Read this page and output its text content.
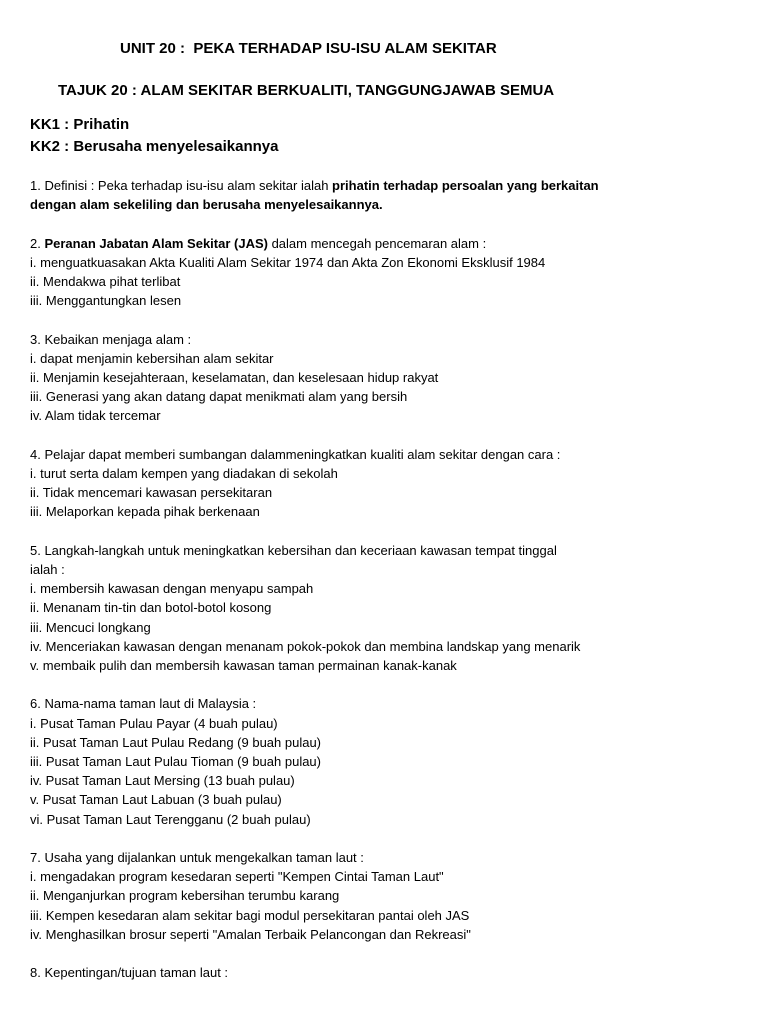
UNIT 20 :  PEKA TERHADAP ISU-ISU ALAM SEKITAR
TAJUK 20 : ALAM SEKITAR BERKUALITI, TANGGUNGJAWAB SEMUA
KK1 : Prihatin
KK2 : Berusaha menyelesaikannya

1. Definisi : Peka terhadap isu-isu alam sekitar ialah prihatin terhadap persoalan yang berkaitan

dengan alam sekeliling dan berusaha menyelesaikannya.

2. Peranan Jabatan Alam Sekitar (JAS) dalam mencegah pencemaran alam :

i. menguatkuasakan Akta Kualiti Alam Sekitar 1974 dan Akta Zon Ekonomi Eksklusif 1984

ii. Mendakwa pihat terlibat

iii. Menggantungkan lesen

3. Kebaikan menjaga alam :

i. dapat menjamin kebersihan alam sekitar

ii. Menjamin kesejahteraan, keselamatan, dan keselesaan hidup rakyat

iii. Generasi yang akan datang dapat menikmati alam yang bersih

iv. Alam tidak tercemar

4. Pelajar dapat memberi sumbangan dalammeningkatkan kualiti alam sekitar dengan cara :

i. turut serta dalam kempen yang diadakan di sekolah

ii. Tidak mencemari kawasan persekitaran

iii. Melaporkan kepada pihak berkenaan

5. Langkah-langkah untuk meningkatkan kebersihan dan keceriaan kawasan tempat tinggal

ialah :

i. membersih kawasan dengan menyapu sampah

ii. Menanam tin-tin dan botol-botol kosong

iii. Mencuci longkang

iv. Menceriakan kawasan dengan menanam pokok-pokok dan membina landskap yang menarik

v. membaik pulih dan membersih kawasan taman permainan kanak-kanak

6. Nama-nama taman laut di Malaysia :

i. Pusat Taman Pulau Payar (4 buah pulau)

ii. Pusat Taman Laut Pulau Redang (9 buah pulau)

iii. Pusat Taman Laut Pulau Tioman (9 buah pulau)

iv. Pusat Taman Laut Mersing (13 buah pulau)

v. Pusat Taman Laut Labuan (3 buah pulau)

vi. Pusat Taman Laut Terengganu (2 buah pulau)

7. Usaha yang dijalankan untuk mengekalkan taman laut :

i. mengadakan program kesedaran seperti "Kempen Cintai Taman Laut"

ii. Menganjurkan program kebersihan terumbu karang

iii. Kempen kesedaran alam sekitar bagi modul persekitaran pantai oleh JAS

iv. Menghasilkan brosur seperti "Amalan Terbaik Pelancongan dan Rekreasi"

8. Kepentingan/tujuan taman laut :
